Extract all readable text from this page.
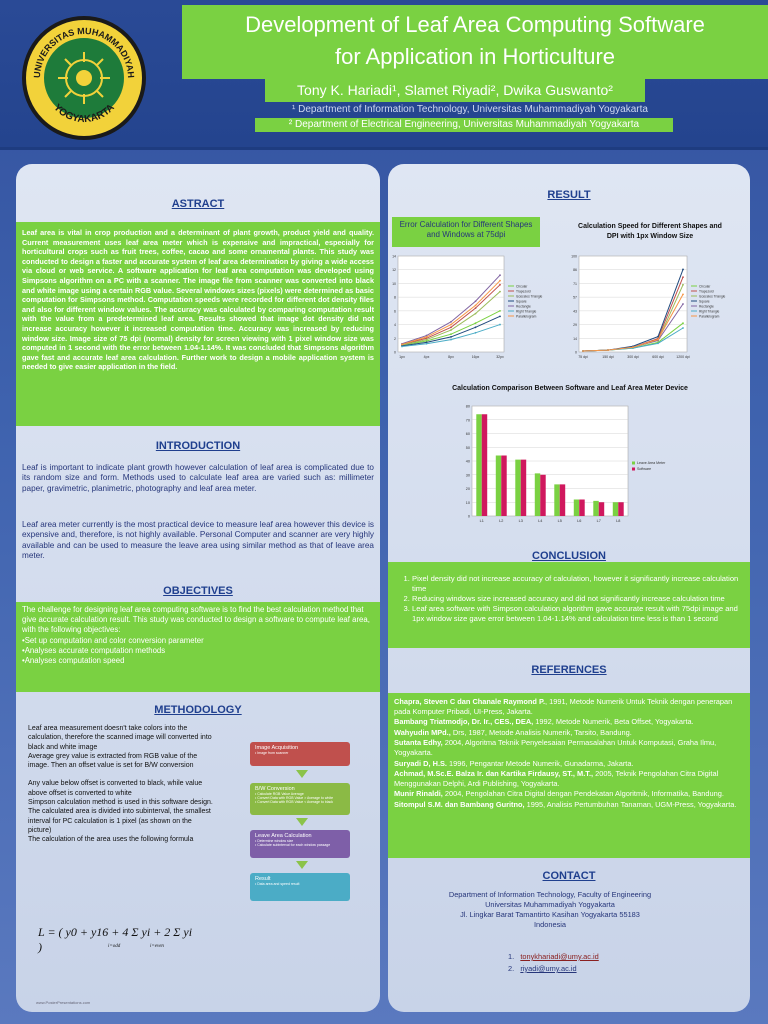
UNIVERSITAS MUHAMMADIYAH
YOGYAKARTA
Development of Leaf Area Computing Software
for Application in Horticulture
Tony K. Hariadi¹, Slamet Riyadi², Dwika Guswanto²
¹ Department of Information Technology, Universitas Muhammadiyah Yogyakarta
² Department of Electrical Engineering, Universitas Muhammadiyah Yogyakarta
ASTRACT

Leaf area is vital in crop production and a determinant of plant growth, product yield and quality. Current measurement uses leaf area meter which is expensive and impractical, especially for horticultural crops such as fruit trees, coffee, cacao and some ornamental plants. This study was conducted to design a faster and accurate system of leaf area determination by giving a wide access via cloud or web service. A software application for leaf area computation was developed using Simpsons algorithm on a PC with a scanner. The image file from scanner was converted into black and white image using a certain RGB value. Several windows sizes (pixels) were determined as basic computation for Simpsons method. Computation speeds were recorded for different dot density files and also for different window values. The accuracy was calculated by comparing computation result with the value from a predetermined leaf area. Results showed that image dot density did not increase accuracy however it increased computation time. Accuracy was increased by reducing window size. Image size of 75 dpi (normal) density for screen viewing with 1 pixel window size was computed in 1 second with the error between 1.04-1.14%. It was concluded that Simpsons algorithm gave fast and accurate leaf area calculation. Further work to design a mobile application system is needed to give easier application in the field.

INTRODUCTION

Leaf is important to indicate plant growth however calculation of leaf area is complicated due to its random size and form. Methods used to calculate leaf area are varied such as: millimeter paper, gravimetric, planimetric, photography and leaf area meter.

Leaf area meter currently is the most practical device to measure leaf area however this device is expensive and, therefore, is not highly available. Personal Computer and scanner are very highly available and can be used to measure the leave area using similar method as that of leave area meter.

OBJECTIVES

The challenge for designing leaf area computing software is to find the best calculation method that give accurate calculation result. This study was conducted to design a software to compute leaf area, with the following objectives:

•Set up computation and color conversion parameter

•Analyses accurate computation methods

•Analyses computation speed

METHODOLOGY

Leaf area measurement doesn't take colors into the calculation, therefore the scanned image will converted into black and white image

Average grey value is extracted from RGB value of the image. Then an offset value is set for B/W conversion

Any value below offset is converted to black, while value above offset is converted to white

Simpson calculation method is used in this software design. The calculated area is divided into subinterval, the smallest interval for PC calculation is 1 pixel (as shown on the picture)

The calculation of the area uses the following formula

Image Acquisition
• Image from scanner
B/W Conversion
• Calculate RGB Value Average
• Convert Data with RGB Value > Average to white
• Convert Data with RGB Value < Average to black
Leave Area Calculation
• Determine window size
• Calculate subinterval for each window passage
Result
• Data area and speed result
L = ( y0 + y16 + 4 Σ yi + 2 Σ yi )	i=odd	i=even
www.PosterPresentations.com
RESULT
Error Calculation for Different Shapes and Windows at 75dpi
0
2
4
6
8
10
12
14
1px	4px	8px	16px	32px
Circular
Trapezoid
Isosceles Triangle
Square
Rectangle
Right Triangle
Parallelogram
Calculation Speed for Different Shapes and DPI with 1px Window Size
0
14
29
43
57
71
86
100
75 dpi	150 dpi	300 dpi	600 dpi	1200 dpi
Circular
Trapezoid
Isosceles Triangle
Square
Rectangle
Right Triangle
Parallelogram
Calculation Comparison Between Software and Leaf Area Meter Device
0
10
20
30
40
50
60
70
80
L1	L2	L3	L4	L5	L6	L7	L8
Leave Area Meter
Software
CONCLUSION
1. Pixel density did not increase accuracy of calculation, however it significantly increase calculation time
2. Reducing windows size increased accuracy and did not significantly increase calculation time
3. Leaf area software with Simpson calculation algorithm gave accurate result with 75dpi image and 1px window size gave error between 1.04-1.14% and calculation time less is than 1 second
REFERENCES

Chapra, Steven C dan Chanale Raymond P., 1991, Metode Numerik Untuk Teknik dengan penerapan pada Komputer Pribadi, UI-Press, Jakarta.

Bambang Triatmodjo, Dr. Ir., CES., DEA, 1992, Metode Numerik, Beta Offset, Yogyakarta.

Wahyudin MPd., Drs, 1987, Metode Analisis Numerik, Tarsito, Bandung.

Sutanta Edhy, 2004, Algoritma Teknik Penyelesaian Permasalahan Untuk Komputasi, Graha Ilmu, Yogyakarta.

Suryadi D, H.S. 1996, Pengantar Metode Numerik, Gunadarma, Jakarta.

Achmad, M.Sc.E. Balza Ir. dan Kartika Firdausy, ST., M.T., 2005, Teknik Pengolahan Citra Digital Menggunakan Delphi, Ardi Publishing, Yogyakarta.

Munir Rinaldi, 2004, Pengolahan Citra Digital dengan Pendekatan Algoritmik, Informatika, Bandung.

Sitompul S.M. dan Bambang Guritno, 1995, Analisis Pertumbuhan Tanaman, UGM-Press, Yogyakarta.

CONTACT
Department of Information Technology, Faculty of Engineering
Universitas Muhammadiyah Yogyakarta
Jl. Lingkar Barat Tamantirto Kasihan Yogyakarta 55183
Indonesia
1.   tonykhariadi@umy.ac.id
2.   riyadi@umy.ac.id
